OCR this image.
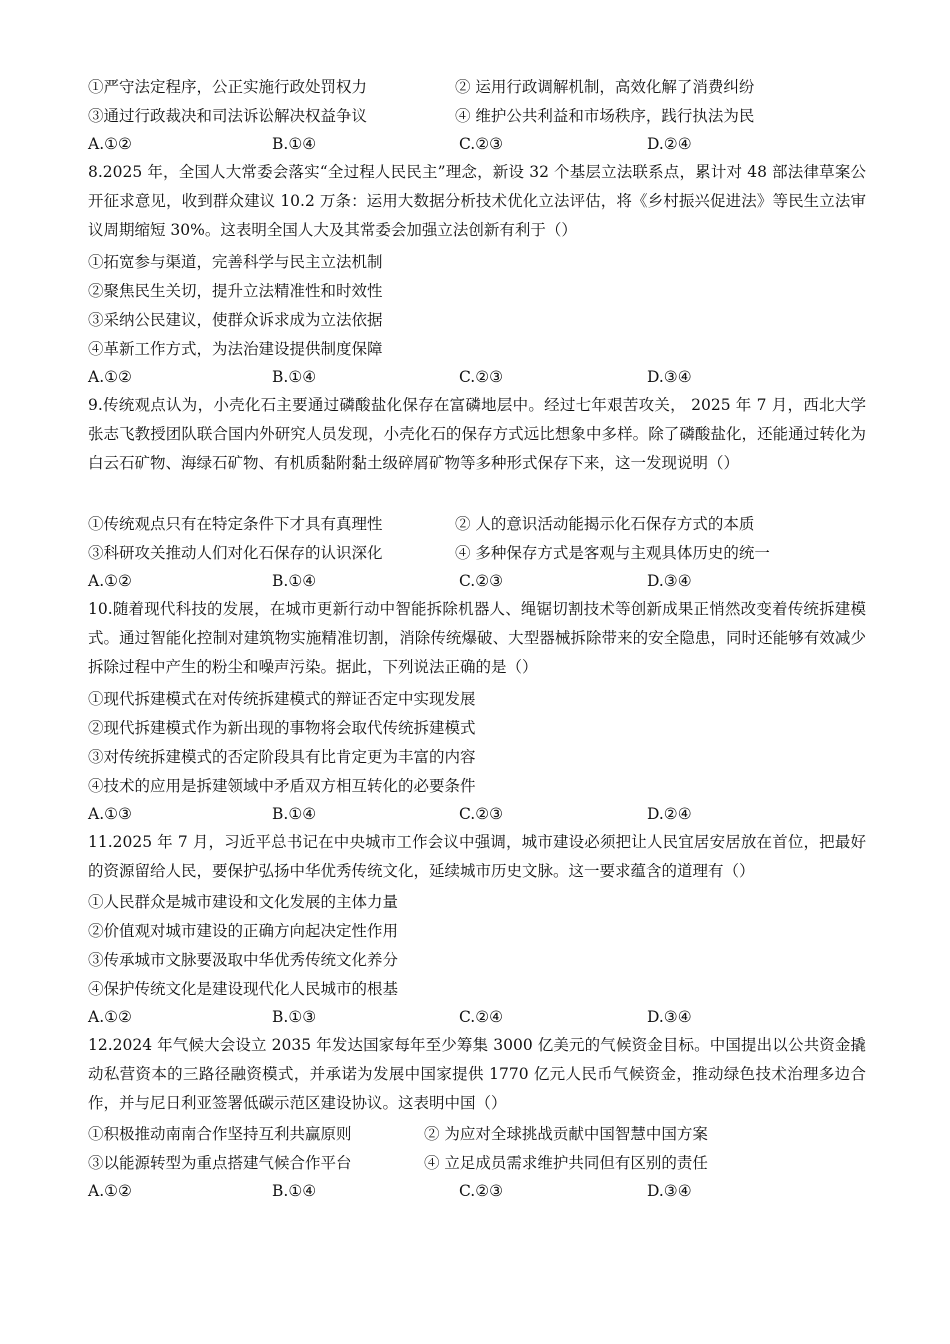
①严守法定程序，公正实施行政处罚权力	② 运用行政调解机制，高效化解了消费纠纷
③通过行政裁决和司法诉讼解决权益争议	④ 维护公共利益和市场秩序，践行执法为民
A.①②	B.①④	C.②③	D.②④
8.2025 年，全国人大常委会落实“全过程人民民主”理念，新设 32 个基层立法联系点，累计对 48 部法律草案公开征求意见，收到群众建议 10.2 万条：运用大数据分析技术优化立法评估，将《乡村振兴促进法》等民生立法审议周期缩短 30%。这表明全国人大及其常委会加强立法创新有利于（）
①拓宽参与渠道，完善科学与民主立法机制
②聚焦民生关切，提升立法精准性和时效性
③采纳公民建议，使群众诉求成为立法依据
④革新工作方式，为法治建设提供制度保障
A.①②	B.①④	C.②③	D.③④
9.传统观点认为，小壳化石主要通过磷酸盐化保存在富磷地层中。经过七年艰苦攻关， 2025 年 7 月，西北大学张志飞教授团队联合国内外研究人员发现，小壳化石的保存方式远比想象中多样。除了磷酸盐化，还能通过转化为白云石矿物、海绿石矿物、有机质黏附黏土级碎屑矿物等多种形式保存下来，这一发现说明（）
①传统观点只有在特定条件下才具有真理性	② 人的意识活动能揭示化石保存方式的本质
③科研攻关推动人们对化石保存的认识深化	④ 多种保存方式是客观与主观具体历史的统一
A.①②	B.①④	C.②③	D.③④
10.随着现代科技的发展，在城市更新行动中智能拆除机器人、绳锯切割技术等创新成果正悄然改变着传统拆建模式。通过智能化控制对建筑物实施精准切割，消除传统爆破、大型器械拆除带来的安全隐患，同时还能够有效减少拆除过程中产生的粉尘和噪声污染。据此，下列说法正确的是（）
①现代拆建模式在对传统拆建模式的辩证否定中实现发展
②现代拆建模式作为新出现的事物将会取代传统拆建模式
③对传统拆建模式的否定阶段具有比肯定更为丰富的内容
④技术的应用是拆建领域中矛盾双方相互转化的必要条件
A.①③	B.①④	C.②③	D.②④
11.2025 年 7 月，习近平总书记在中央城市工作会议中强调，城市建设必须把让人民宜居安居放在首位，把最好的资源留给人民，要保护弘扬中华优秀传统文化，延续城市历史文脉。这一要求蕴含的道理有（）
①人民群众是城市建设和文化发展的主体力量
②价值观对城市建设的正确方向起决定性作用
③传承城市文脉要汲取中华优秀传统文化养分
④保护传统文化是建设现代化人民城市的根基
A.①②	B.①③	C.②④	D.③④
12.2024 年气候大会设立 2035 年发达国家每年至少筹集 3000 亿美元的气候资金目标。中国提出以公共资金撬动私营资本的三路径融资模式，并承诺为发展中国家提供 1770 亿元人民币气候资金，推动绿色技术治理多边合作，并与尼日利亚签署低碳示范区建设协议。这表明中国（）
①积极推动南南合作坚持互利共赢原则	② 为应对全球挑战贡献中国智慧中国方案
③以能源转型为重点搭建气候合作平台	④ 立足成员需求维护共同但有区别的责任
A.①②	B.①④	C.②③	D.③④
